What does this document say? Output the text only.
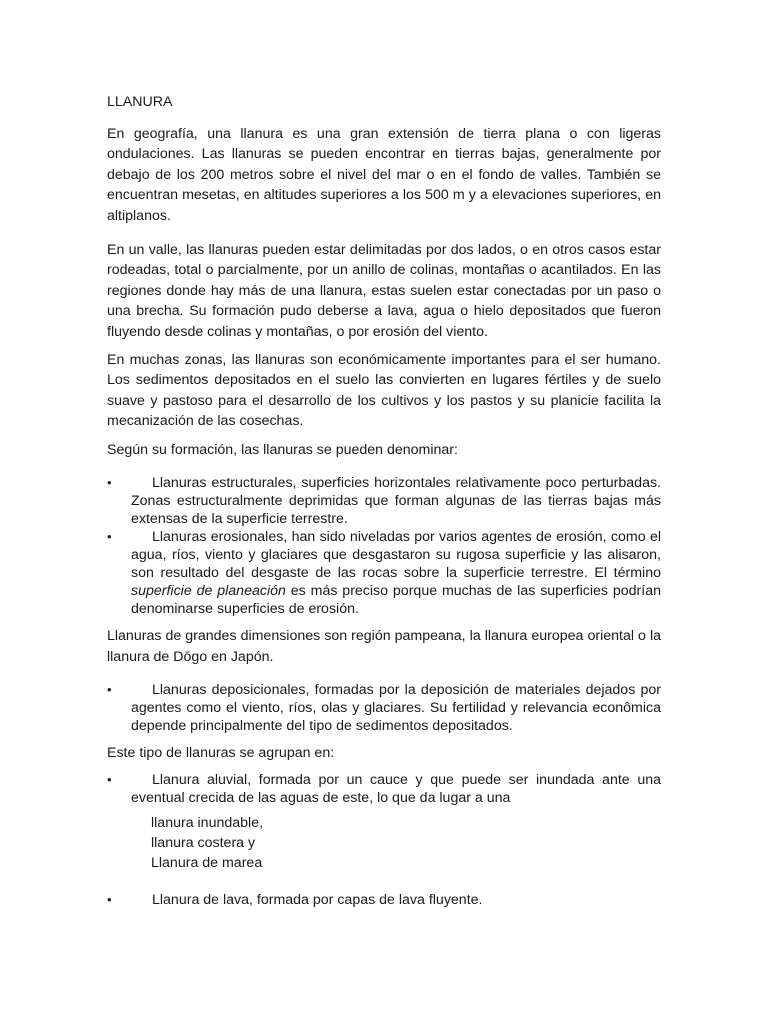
LLANURA

En geografía, una llanura es una gran extensión de tierra plana o con ligeras ondulaciones. Las llanuras se pueden encontrar en tierras bajas, generalmente por debajo de los 200 metros sobre el nivel del mar o en el fondo de valles. También se encuentran mesetas, en altitudes superiores a los 500 m y a elevaciones superiores, en altiplanos.

En un valle, las llanuras pueden estar delimitadas por dos lados, o en otros casos estar rodeadas, total o parcialmente, por un anillo de colinas, montañas o acantilados. En las regiones donde hay más de una llanura, estas suelen estar conectadas por un paso o una brecha. Su formación pudo deberse a lava, agua o hielo depositados que fueron fluyendo desde colinas y montañas, o por erosión del viento.

En muchas zonas, las llanuras son económicamente importantes para el ser humano. Los sedimentos depositados en el suelo las convierten en lugares fértiles y de suelo suave y pastoso para el desarrollo de los cultivos y los pastos y su planicie facilita la mecanización de las cosechas.

Según su formación, las llanuras se pueden denominar:

•	Llanuras estructurales, superficies horizontales relativamente poco perturbadas. Zonas estructuralmente deprimidas que forman algunas de las tierras bajas más extensas de la superficie terrestre.
•	Llanuras erosionales, han sido niveladas por varios agentes de erosión, como el agua, ríos, viento y glaciares que desgastaron su rugosa superficie y las alisaron, son resultado del desgaste de las rocas sobre la superficie terrestre. El término superficie de planeación es más preciso porque muchas de las superficies podrían denominarse superficies de erosión.

Llanuras de grandes dimensiones son región pampeana, la llanura europea oriental o la llanura de Dōgo en Japón.

•	Llanuras deposicionales, formadas por la deposición de materiales dejados por agentes como el viento, ríos, olas y glaciares. Su fertilidad y relevancia econômica depende principalmente del tipo de sedimentos depositados.

Este tipo de llanuras se agrupan en:

•	Llanura aluvial, formada por un cauce y que puede ser inundada ante una eventual crecida de las aguas de este, lo que da lugar a una
llanura inundable,
llanura costera y
Llanura de marea
•	Llanura de lava, formada por capas de lava fluyente.
